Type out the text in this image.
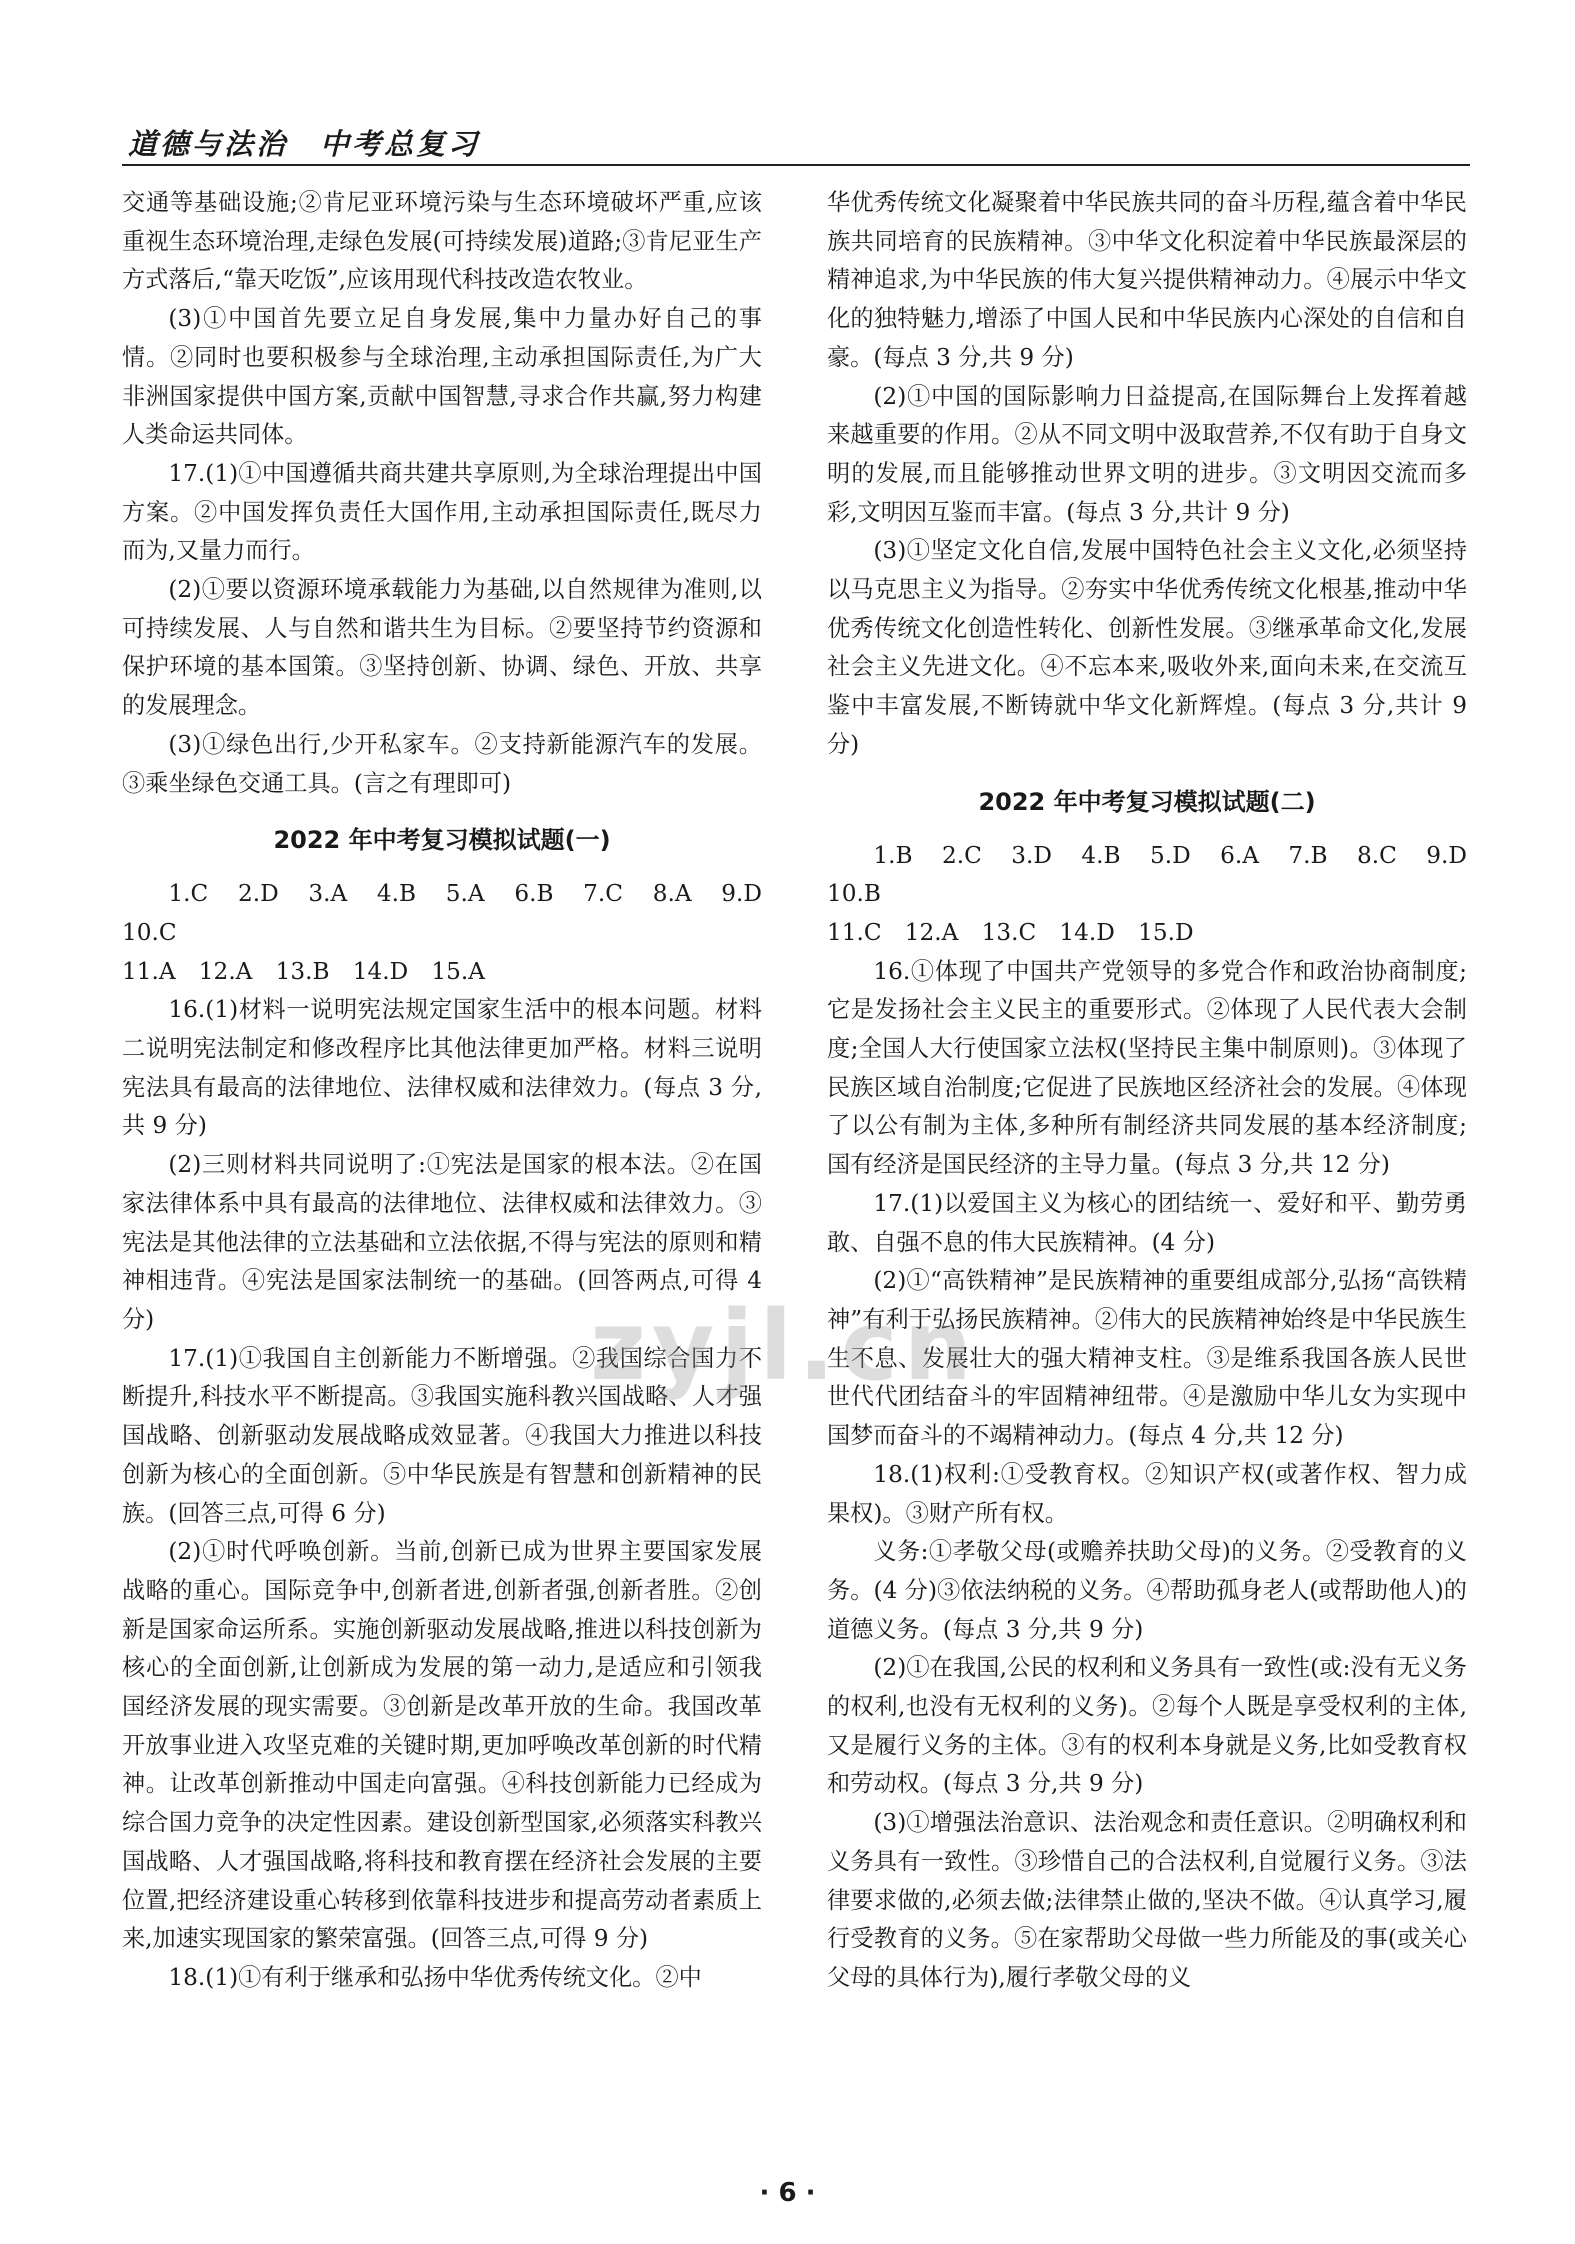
道德与法治　中考总复习

交通等基础设施;②肯尼亚环境污染与生态环境破坏严重,应该重视生态环境治理,走绿色发展(可持续发展)道路;③肯尼亚生产方式落后,“靠天吃饭”,应该用现代科技改造农牧业。

(3)①中国首先要立足自身发展,集中力量办好自己的事情。②同时也要积极参与全球治理,主动承担国际责任,为广大非洲国家提供中国方案,贡献中国智慧,寻求合作共赢,努力构建人类命运共同体。

17.(1)①中国遵循共商共建共享原则,为全球治理提出中国方案。②中国发挥负责任大国作用,主动承担国际责任,既尽力而为,又量力而行。

(2)①要以资源环境承载能力为基础,以自然规律为准则,以可持续发展、人与自然和谐共生为目标。②要坚持节约资源和保护环境的基本国策。③坚持创新、协调、绿色、开放、共享的发展理念。

(3)①绿色出行,少开私家车。②支持新能源汽车的发展。③乘坐绿色交通工具。(言之有理即可)

2022 年中考复习模拟试题(一)

1.C　2.D　3.A　4.B　5.A　6.B　7.C　8.A　9.D　10.C

11.A　12.A　13.B　14.D　15.A

16.(1)材料一说明宪法规定国家生活中的根本问题。材料二说明宪法制定和修改程序比其他法律更加严格。材料三说明宪法具有最高的法律地位、法律权威和法律效力。(每点 3 分,共 9 分)

(2)三则材料共同说明了:①宪法是国家的根本法。②在国家法律体系中具有最高的法律地位、法律权威和法律效力。③宪法是其他法律的立法基础和立法依据,不得与宪法的原则和精神相违背。④宪法是国家法制统一的基础。(回答两点,可得 4 分)

17.(1)①我国自主创新能力不断增强。②我国综合国力不断提升,科技水平不断提高。③我国实施科教兴国战略、人才强国战略、创新驱动发展战略成效显著。④我国大力推进以科技创新为核心的全面创新。⑤中华民族是有智慧和创新精神的民族。(回答三点,可得 6 分)

(2)①时代呼唤创新。当前,创新已成为世界主要国家发展战略的重心。国际竞争中,创新者进,创新者强,创新者胜。②创新是国家命运所系。实施创新驱动发展战略,推进以科技创新为核心的全面创新,让创新成为发展的第一动力,是适应和引领我国经济发展的现实需要。③创新是改革开放的生命。我国改革开放事业进入攻坚克难的关键时期,更加呼唤改革创新的时代精神。让改革创新推动中国走向富强。④科技创新能力已经成为综合国力竞争的决定性因素。建设创新型国家,必须落实科教兴国战略、人才强国战略,将科技和教育摆在经济社会发展的主要位置,把经济建设重心转移到依靠科技进步和提高劳动者素质上来,加速实现国家的繁荣富强。(回答三点,可得 9 分)

18.(1)①有利于继承和弘扬中华优秀传统文化。②中

华优秀传统文化凝聚着中华民族共同的奋斗历程,蕴含着中华民族共同培育的民族精神。③中华文化积淀着中华民族最深层的精神追求,为中华民族的伟大复兴提供精神动力。④展示中华文化的独特魅力,增添了中国人民和中华民族内心深处的自信和自豪。(每点 3 分,共 9 分)

(2)①中国的国际影响力日益提高,在国际舞台上发挥着越来越重要的作用。②从不同文明中汲取营养,不仅有助于自身文明的发展,而且能够推动世界文明的进步。③文明因交流而多彩,文明因互鉴而丰富。(每点 3 分,共计 9 分)

(3)①坚定文化自信,发展中国特色社会主义文化,必须坚持以马克思主义为指导。②夯实中华优秀传统文化根基,推动中华优秀传统文化创造性转化、创新性发展。③继承革命文化,发展社会主义先进文化。④不忘本来,吸收外来,面向未来,在交流互鉴中丰富发展,不断铸就中华文化新辉煌。(每点 3 分,共计 9 分)

2022 年中考复习模拟试题(二)

1.B　2.C　3.D　4.B　5.D　6.A　7.B　8.C　9.D　10.B

11.C　12.A　13.C　14.D　15.D

16.①体现了中国共产党领导的多党合作和政治协商制度;它是发扬社会主义民主的重要形式。②体现了人民代表大会制度;全国人大行使国家立法权(坚持民主集中制原则)。③体现了民族区域自治制度;它促进了民族地区经济社会的发展。④体现了以公有制为主体,多种所有制经济共同发展的基本经济制度;国有经济是国民经济的主导力量。(每点 3 分,共 12 分)

17.(1)以爱国主义为核心的团结统一、爱好和平、勤劳勇敢、自强不息的伟大民族精神。(4 分)

(2)①“高铁精神”是民族精神的重要组成部分,弘扬“高铁精神”有利于弘扬民族精神。②伟大的民族精神始终是中华民族生生不息、发展壮大的强大精神支柱。③是维系我国各族人民世世代代团结奋斗的牢固精神纽带。④是激励中华儿女为实现中国梦而奋斗的不竭精神动力。(每点 4 分,共 12 分)

18.(1)权利:①受教育权。②知识产权(或著作权、智力成果权)。③财产所有权。

义务:①孝敬父母(或赡养扶助父母)的义务。②受教育的义务。(4 分)③依法纳税的义务。④帮助孤身老人(或帮助他人)的道德义务。(每点 3 分,共 9 分)

(2)①在我国,公民的权利和义务具有一致性(或:没有无义务的权利,也没有无权利的义务)。②每个人既是享受权利的主体,又是履行义务的主体。③有的权利本身就是义务,比如受教育权和劳动权。(每点 3 分,共 9 分)

(3)①增强法治意识、法治观念和责任意识。②明确权利和义务具有一致性。③珍惜自己的合法权利,自觉履行义务。③法律要求做的,必须去做;法律禁止做的,坚决不做。④认真学习,履行受教育的义务。⑤在家帮助父母做一些力所能及的事(或关心父母的具体行为),履行孝敬父母的义

zyjl.cn
· 6 ·
